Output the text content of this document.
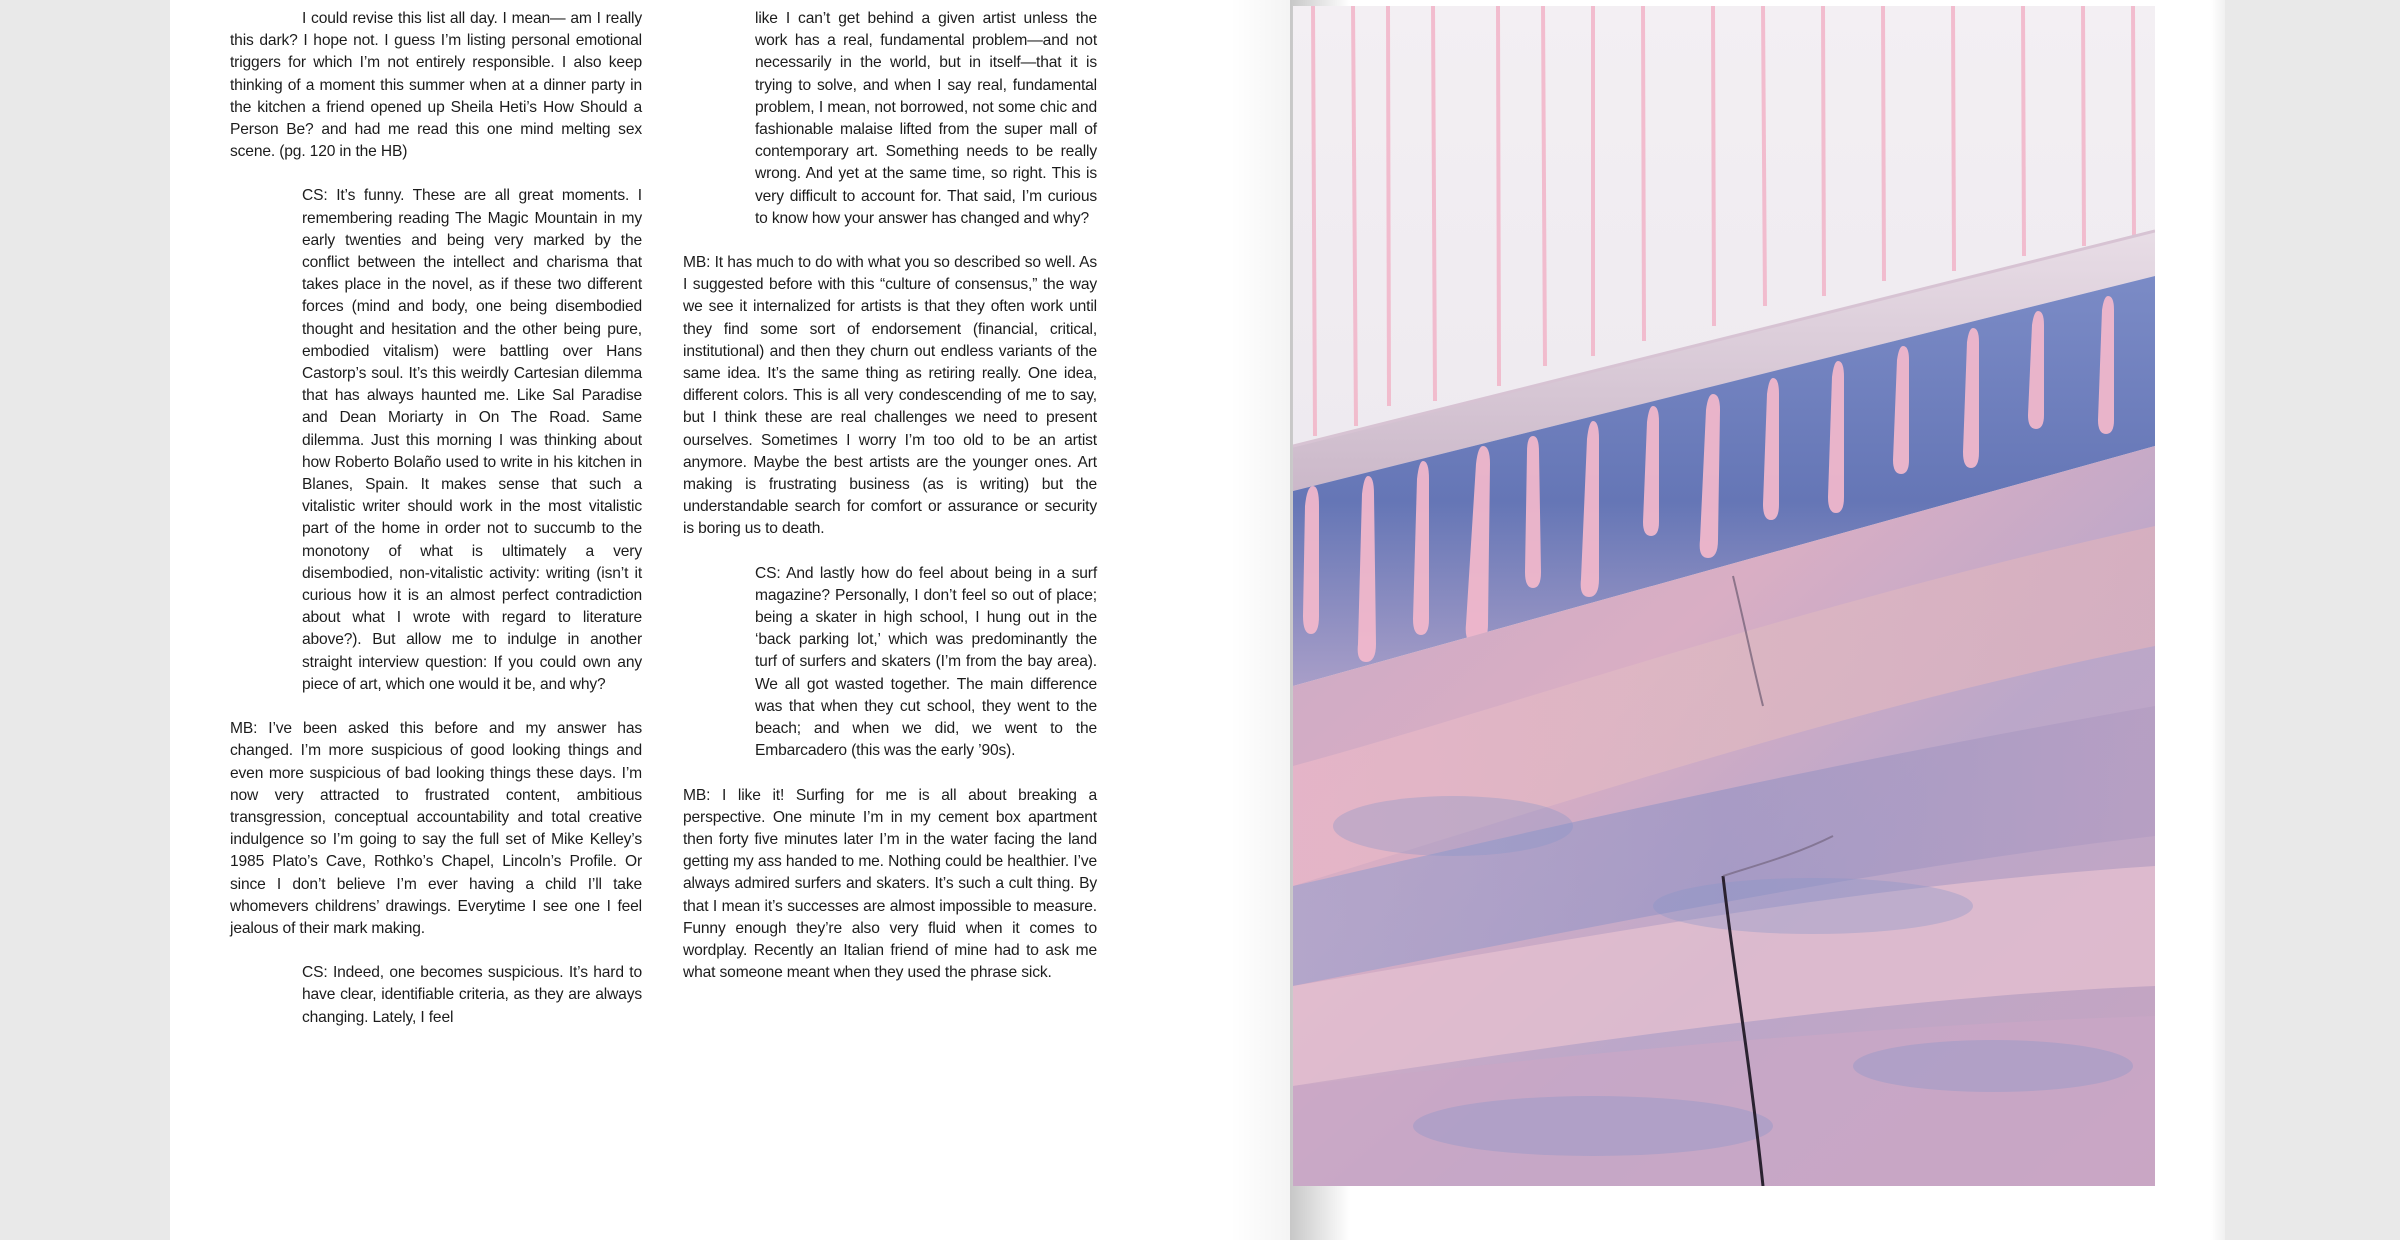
I could revise this list all day. I mean— am I really this dark? I hope not. I guess I’m listing personal emotional triggers for which I’m not entirely responsible. I also keep thinking of a moment this summer when at a dinner party in the kitchen a friend opened up Sheila Heti’s How Should a Person Be? and had me read this one mind melting sex scene. (pg. 120 in the HB)

CS: It’s funny. These are all great moments. I remembering reading The Magic Mountain in my early twenties and being very marked by the conflict between the intellect and charisma that takes place in the novel, as if these two different forces (mind and body, one being disembodied thought and hesitation and the other being pure, embodied vitalism) were battling over Hans Castorp’s soul. It’s this weirdly Cartesian dilemma that has always haunted me. Like Sal Paradise and Dean Moriarty in On The Road. Same dilemma. Just this morning I was thinking about how Roberto Bolaño used to write in his kitchen in Blanes, Spain. It makes sense that such a vitalistic writer should work in the most vitalistic part of the home in order not to succumb to the monotony of what is ultimately a very disembodied, non-vitalistic activity: writing (isn’t it curious how it is an almost perfect contradiction about what I wrote with regard to literature above?). But allow me to indulge in another straight interview question: If you could own any piece of art, which one would it be, and why?

MB: I’ve been asked this before and my answer has changed. I’m more suspicious of good looking things and even more suspicious of bad looking things these days. I’m now very attracted to frustrated content, ambitious transgression, conceptual accountability and total creative indulgence so I’m going to say the full set of Mike Kelley’s 1985 Plato’s Cave, Rothko’s Chapel, Lincoln’s Profile. Or since I don’t believe I’m ever having a child I’ll take whomevers childrens’ drawings. Everytime I see one I feel jealous of their mark making.

CS: Indeed, one becomes suspicious. It’s hard to have clear, identifiable criteria, as they are always changing. Lately, I feel

like I can’t get behind a given artist unless the work has a real, fundamental problem—and not necessarily in the world, but in itself—that it is trying to solve, and when I say real, fundamental problem, I mean, not borrowed, not some chic and fashionable malaise lifted from the super mall of contemporary art. Something needs to be really wrong. And yet at the same time, so right. This is very difficult to account for. That said, I’m curious to know how your answer has changed and why?

MB: It has much to do with what you so described so well. As I suggested before with this “culture of consensus,” the way we see it internalized for artists is that they often work until they find some sort of endorsement (financial, critical, institutional) and then they churn out endless variants of the same idea. It’s the same thing as retiring really. One idea, different colors. This is all very condescending of me to say, but I think these are real challenges we need to present ourselves. Sometimes I worry I’m too old to be an artist anymore. Maybe the best artists are the younger ones. Art making is frustrating business (as is writing) but the understandable search for comfort or assurance or security is boring us to death.

CS: And lastly how do feel about being in a surf magazine? Personally, I don’t feel so out of place; being a skater in high school, I hung out in the ‘back parking lot,’ which was predominantly the turf of surfers and skaters (I’m from the bay area). We all got wasted together. The main difference was that when they cut school, they went to the beach; and when we did, we went to the Embarcadero (this was the early ’90s).

MB: I like it! Surfing for me is all about breaking a perspective. One minute I’m in my cement box apartment then forty five minutes later I’m in the water facing the land getting my ass handed to me. Nothing could be healthier. I’ve always admired surfers and skaters. It’s such a cult thing. By that I mean it’s successes are almost impossible to measure. Funny enough they’re also very fluid when it comes to wordplay. Recently an Italian friend of mine had to ask me what someone meant when they used the phrase sick.
